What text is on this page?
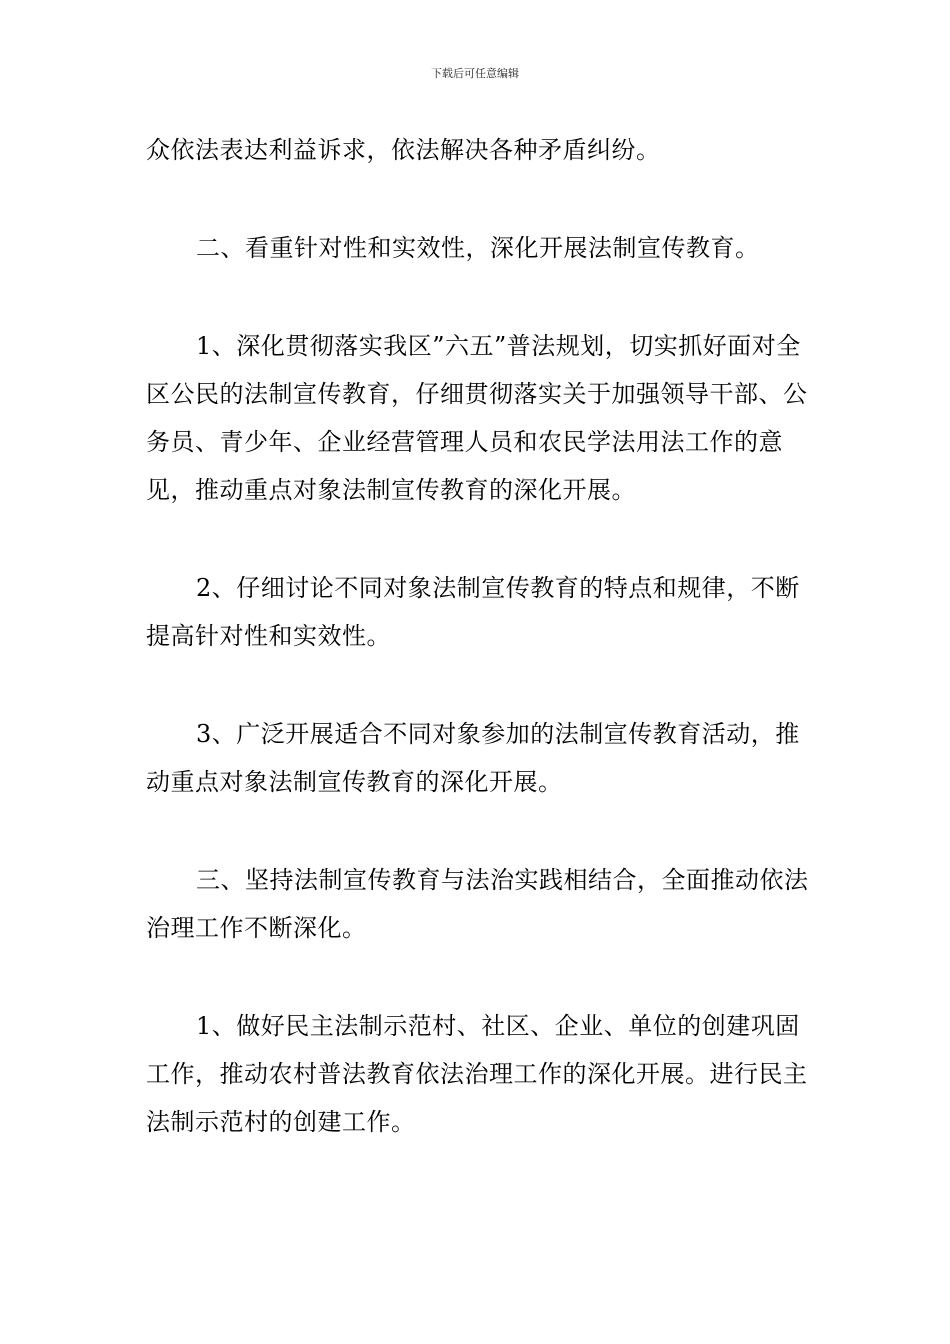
下载后可任意编辑

众依法表达利益诉求，依法解决各种矛盾纠纷。

二、看重针对性和实效性，深化开展法制宣传教育。

1、深化贯彻落实我区”六五”普法规划，切实抓好面对全区公民的法制宣传教育，仔细贯彻落实关于加强领导干部、公务员、青少年、企业经营管理人员和农民学法用法工作的意见，推动重点对象法制宣传教育的深化开展。

2、仔细讨论不同对象法制宣传教育的特点和规律，不断提高针对性和实效性。

3、广泛开展适合不同对象参加的法制宣传教育活动，推动重点对象法制宣传教育的深化开展。

三、坚持法制宣传教育与法治实践相结合，全面推动依法治理工作不断深化。

1、做好民主法制示范村、社区、企业、单位的创建巩固工作，推动农村普法教育依法治理工作的深化开展。进行民主法制示范村的创建工作。
